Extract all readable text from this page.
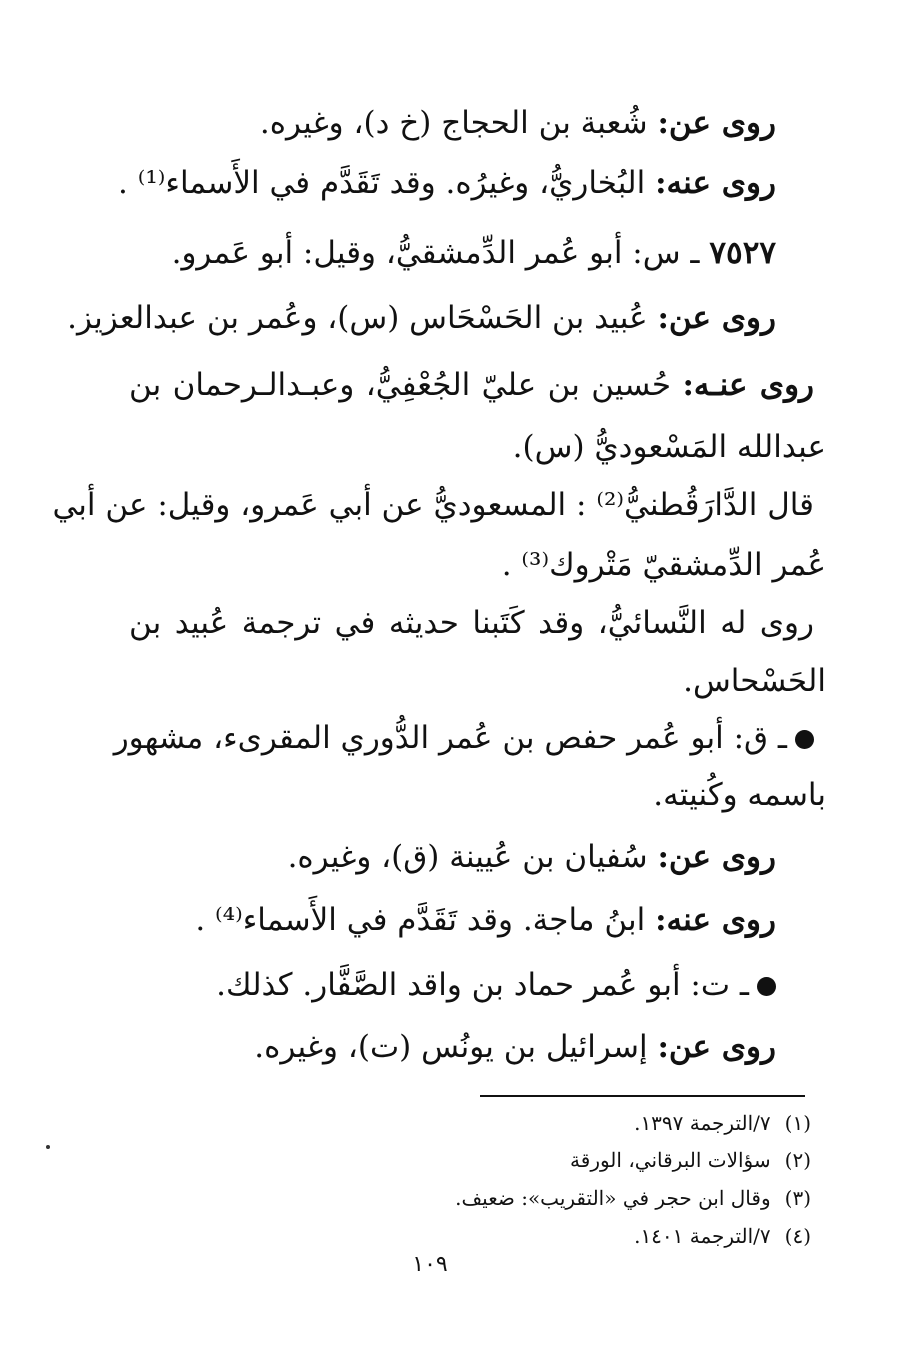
روى عن: شُعبة بن الحجاج (خ د)، وغيره.
روى عنه: البُخاريُّ، وغيرُه. وقد تَقَدَّم في الأَسماء⁽¹⁾ .
٧٥٢٧ ـ س: أبو عُمر الدِّمشقيُّ، وقيل: أبو عَمرو.
روى عن: عُبيد بن الحَسْحَاس (س)، وعُمر بن عبدالعزيز.
روى عنـه: حُسين بن عليّ الجُعْفِيُّ، وعبـدالـرحمان بن
عبدالله المَسْعوديُّ (س).
قال الدَّارَقُطنيُّ⁽²⁾ : المسعوديُّ عن أبي عَمرو، وقيل: عن أبي
عُمر الدِّمشقيّ مَتْروك⁽³⁾ .
روى له النَّسائيُّ، وقد كَتَبنا حديثه في ترجمة عُبيد بن
الحَسْحاس.
ـ ق: أبو عُمر حفص بن عُمر الدُّوري المقرىء، مشهور
باسمه وكُنيته.
روى عن: سُفيان بن عُيينة (ق)، وغيره.
روى عنه: ابنُ ماجة. وقد تَقَدَّم في الأَسماء⁽⁴⁾ .
ـ ت: أبو عُمر حماد بن واقد الصَّفَّار. كذلك.
روى عن: إسرائيل بن يونُس (ت)، وغيره.
(١)٧/الترجمة ١٣٩٧.
(٢)سؤالات البرقاني، الورقة
(٣)وقال ابن حجر في «التقريب»: ضعيف.
(٤)٧/الترجمة ١٤٠١.
١٠٩
